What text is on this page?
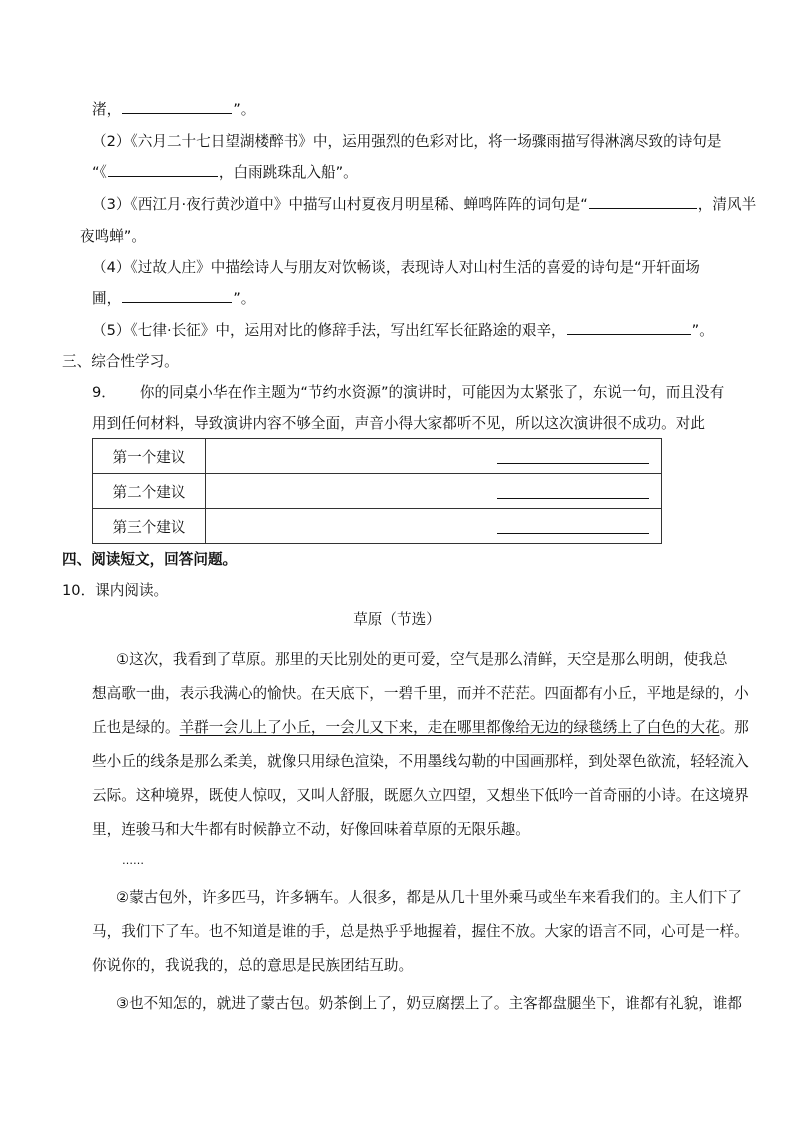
渚，	”。
（2）《六月二十七日望湖楼醉书》中，运用强烈的色彩对比，将一场骤雨描写得淋漓尽致的诗句是
“《	，白雨跳珠乱入船”。
（3）《西江月·夜行黄沙道中》中描写山村夏夜月明星稀、蝉鸣阵阵的词句是“	，清风半
夜鸣蝉”。
（4）《过故人庄》中描绘诗人与朋友对饮畅谈，表现诗人对山村生活的喜爱的诗句是“开轩面场
圃，	”。
（5）《七律·长征》中，运用对比的修辞手法，写出红军长征路途的艰辛，	”。
三、综合性学习。
9． 你的同桌小华在作主题为“节约水资源”的演讲时，可能因为太紧张了，东说一句，而且没有
用到任何材料，导致演讲内容不够全面，声音小得大家都听不见，所以这次演讲很不成功。对此
第一个建议	

第二个建议	

第三个建议	
四、阅读短文，回答问题。
10．课内阅读。
草原（节选）
①这次，我看到了草原。那里的天比别处的更可爱，空气是那么清鲜，天空是那么明朗，使我总
想高歌一曲，表示我满心的愉快。在天底下，一碧千里，而并不茫茫。四面都有小丘，平地是绿的，小
丘也是绿的。羊群一会儿上了小丘，一会儿又下来，走在哪里都像给无边的绿毯绣上了白色的大花。那
些小丘的线条是那么柔美，就像只用绿色渲染，不用墨线勾勒的中国画那样，到处翠色欲流，轻轻流入
云际。这种境界，既使人惊叹，又叫人舒服，既愿久立四望，又想坐下低吟一首奇丽的小诗。在这境界
里，连骏马和大牛都有时候静立不动，好像回味着草原的无限乐趣。
……
②蒙古包外，许多匹马，许多辆车。人很多，都是从几十里外乘马或坐车来看我们的。主人们下了
马，我们下了车。也不知道是谁的手，总是热乎乎地握着，握住不放。大家的语言不同，心可是一样。
你说你的，我说我的，总的意思是民族团结互助。
③也不知怎的，就进了蒙古包。奶茶倒上了，奶豆腐摆上了。主客都盘腿坐下，谁都有礼貌，谁都
